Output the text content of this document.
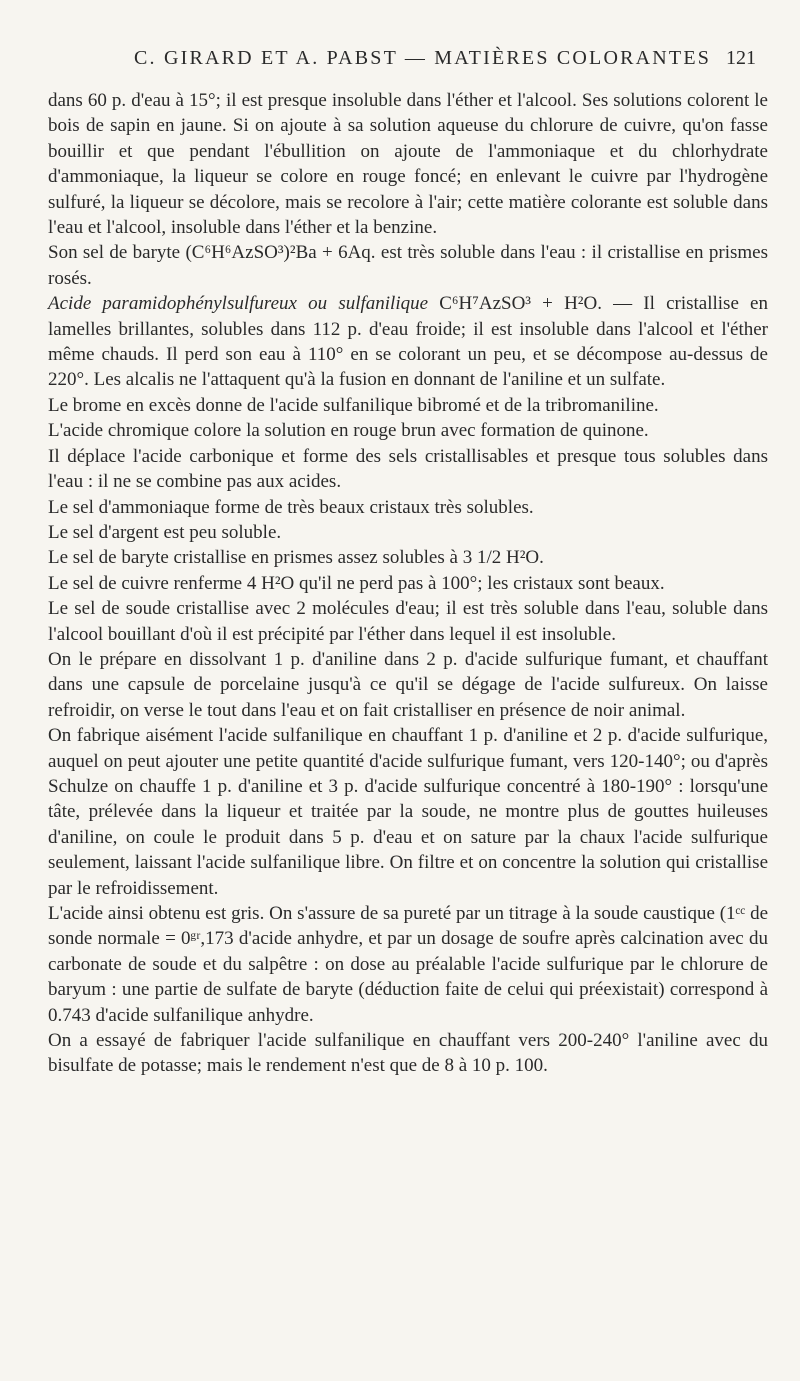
C. GIRARD ET A. PABST — MATIÈRES COLORANTES 121

dans 60 p. d'eau à 15°; il est presque insoluble dans l'éther et l'alcool. Ses solutions colorent le bois de sapin en jaune. Si on ajoute à sa solution aqueuse du chlorure de cuivre, qu'on fasse bouillir et que pendant l'ébullition on ajoute de l'ammoniaque et du chlorhydrate d'ammoniaque, la liqueur se colore en rouge foncé; en enlevant le cuivre par l'hydrogène sulfuré, la liqueur se décolore, mais se recolore à l'air; cette matière colorante est soluble dans l'eau et l'alcool, insoluble dans l'éther et la benzine.

Son sel de baryte (C⁶H⁶AzSO³)²Ba + 6Aq. est très soluble dans l'eau : il cristallise en prismes rosés.

Acide paramidophénylsulfureux ou sulfanilique C⁶H⁷AzSO³ + H²O. — Il cristallise en lamelles brillantes, solubles dans 112 p. d'eau froide; il est insoluble dans l'alcool et l'éther même chauds. Il perd son eau à 110° en se colorant un peu, et se décompose au-dessus de 220°. Les alcalis ne l'attaquent qu'à la fusion en donnant de l'aniline et un sulfate.

Le brome en excès donne de l'acide sulfanilique bibromé et de la tribromaniline.

L'acide chromique colore la solution en rouge brun avec formation de quinone.

Il déplace l'acide carbonique et forme des sels cristallisables et presque tous solubles dans l'eau : il ne se combine pas aux acides.

Le sel d'ammoniaque forme de très beaux cristaux très solubles.

Le sel d'argent est peu soluble.

Le sel de baryte cristallise en prismes assez solubles à 3 1/2 H²O.

Le sel de cuivre renferme 4 H²O qu'il ne perd pas à 100°; les cristaux sont beaux.

Le sel de soude cristallise avec 2 molécules d'eau; il est très soluble dans l'eau, soluble dans l'alcool bouillant d'où il est précipité par l'éther dans lequel il est insoluble.

On le prépare en dissolvant 1 p. d'aniline dans 2 p. d'acide sulfurique fumant, et chauffant dans une capsule de porcelaine jusqu'à ce qu'il se dégage de l'acide sulfureux. On laisse refroidir, on verse le tout dans l'eau et on fait cristalliser en présence de noir animal.

On fabrique aisément l'acide sulfanilique en chauffant 1 p. d'aniline et 2 p. d'acide sulfurique, auquel on peut ajouter une petite quantité d'acide sulfurique fumant, vers 120-140°; ou d'après Schulze on chauffe 1 p. d'aniline et 3 p. d'acide sulfurique concentré à 180-190° : lorsqu'une tâte, prélevée dans la liqueur et traitée par la soude, ne montre plus de gouttes huileuses d'aniline, on coule le produit dans 5 p. d'eau et on sature par la chaux l'acide sulfurique seulement, laissant l'acide sulfanilique libre. On filtre et on concentre la solution qui cristallise par le refroidissement.

L'acide ainsi obtenu est gris. On s'assure de sa pureté par un titrage à la soude caustique (1ᶜᶜ de sonde normale = 0ᵍʳ,173 d'acide anhydre, et par un dosage de soufre après calcination avec du carbonate de soude et du salpêtre : on dose au préalable l'acide sulfurique par le chlorure de baryum : une partie de sulfate de baryte (déduction faite de celui qui préexistait) correspond à 0.743 d'acide sulfanilique anhydre.

On a essayé de fabriquer l'acide sulfanilique en chauffant vers 200-240° l'aniline avec du bisulfate de potasse; mais le rendement n'est que de 8 à 10 p. 100.
